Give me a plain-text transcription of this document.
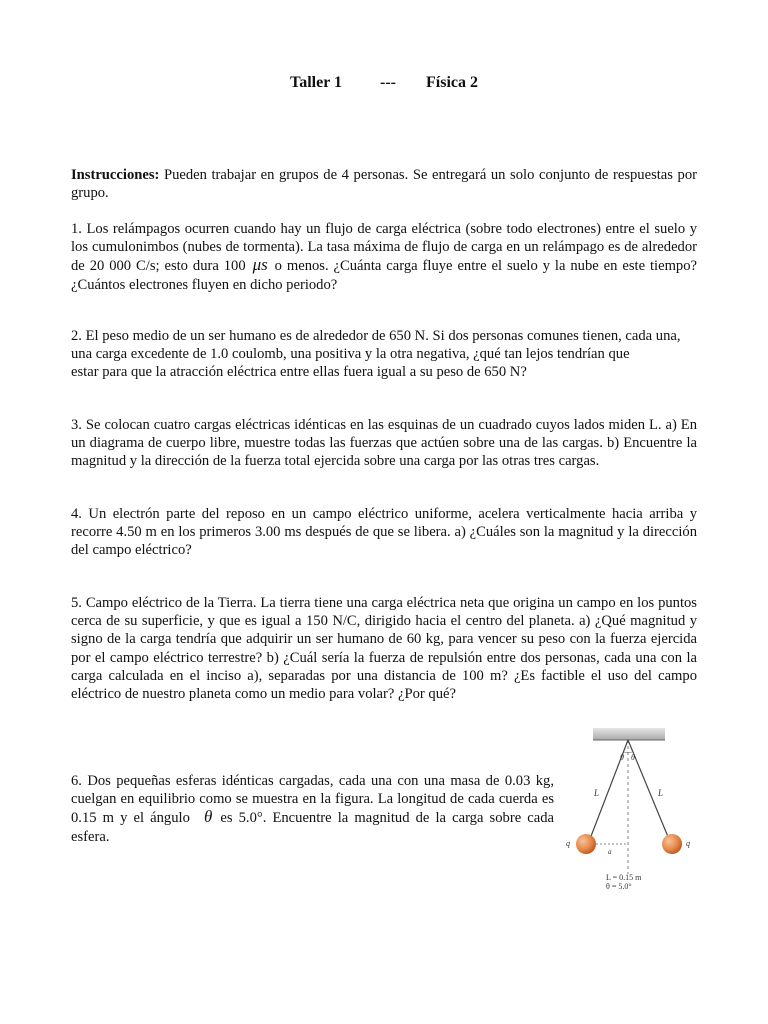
Taller 1 --- Física 2
Instrucciones: Pueden trabajar en grupos de 4 personas. Se entregará un solo conjunto de respuestas por grupo.
1. Los relámpagos ocurren cuando hay un flujo de carga eléctrica (sobre todo electrones) entre el suelo y los cumulonimbos (nubes de tormenta). La tasa máxima de flujo de carga en un relámpago es de alrededor de 20 000 C/s; esto dura 100 μs o menos. ¿Cuánta carga fluye entre el suelo y la nube en este tiempo? ¿Cuántos electrones fluyen en dicho periodo?
2. El peso medio de un ser humano es de alrededor de 650 N. Si dos personas comunes tienen, cada una,
una carga excedente de 1.0 coulomb, una positiva y la otra negativa, ¿qué tan lejos tendrían que
estar para que la atracción eléctrica entre ellas fuera igual a su peso de 650 N?
3. Se colocan cuatro cargas eléctricas idénticas en las esquinas de un cuadrado cuyos lados miden L. a) En un diagrama de cuerpo libre, muestre todas las fuerzas que actúen sobre una de las cargas. b) Encuentre la magnitud y la dirección de la fuerza total ejercida sobre una carga por las otras tres cargas.
4. Un electrón parte del reposo en un campo eléctrico uniforme, acelera verticalmente hacia arriba y recorre 4.50 m en los primeros 3.00 ms después de que se libera. a) ¿Cuáles son la magnitud y la dirección del campo eléctrico?
5. Campo eléctrico de la Tierra. La tierra tiene una carga eléctrica neta que origina un campo en los puntos cerca de su superficie, y que es igual a 150 N/C, dirigido hacia el centro del planeta. a) ¿Qué magnitud y signo de la carga tendría que adquirir un ser humano de 60 kg, para vencer su peso con la fuerza ejercida por el campo eléctrico terrestre? b) ¿Cuál sería la fuerza de repulsión entre dos personas, cada una con la carga calculada en el inciso a), separadas por una distancia de 100 m? ¿Es factible el uso del campo eléctrico de nuestro planeta como un medio para volar? ¿Por qué?
6. Dos pequeñas esferas idénticas cargadas, cada una con una masa de 0.03 kg, cuelgan en equilibrio como se muestra en la figura. La longitud de cada cuerda es 0.15 m y el ángulo θ es 5.0°. Encuentre la magnitud de la carga sobre cada esfera.
θ θ
L	L
a
q	q
L = 0.15 m
θ = 5.0°
